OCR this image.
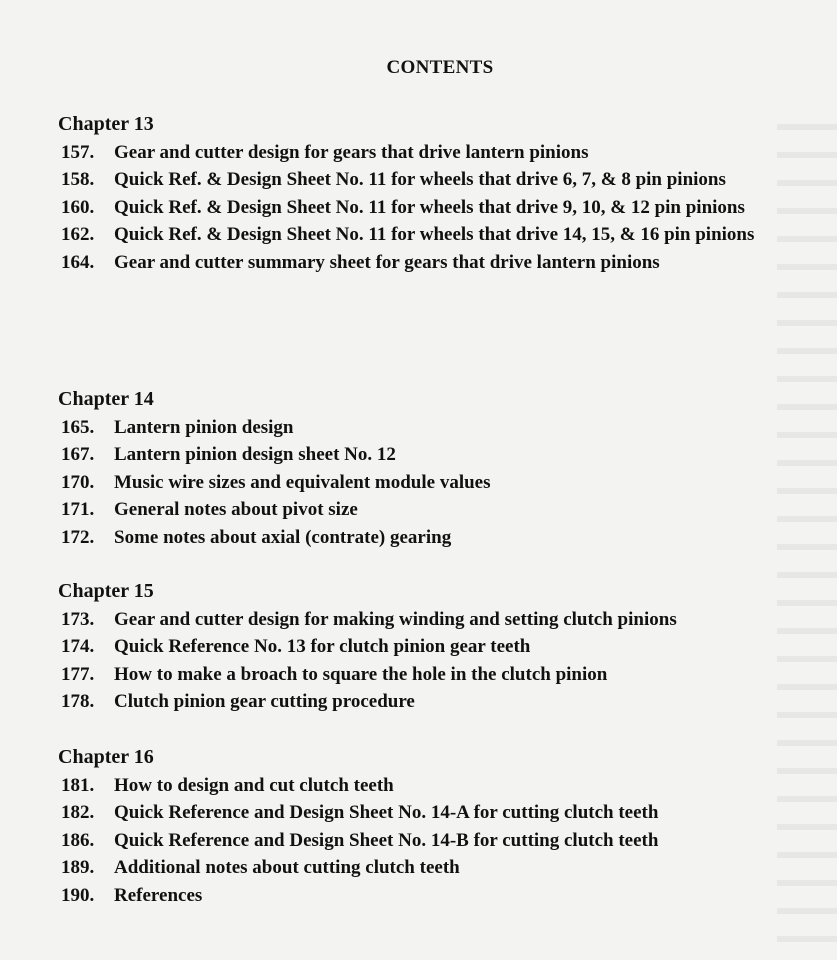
CONTENTS
Chapter 13
157.	Gear and cutter design for gears that drive lantern pinions
158.	Quick Ref. & Design Sheet No. 11 for wheels that drive 6, 7, & 8 pin pinions
160.	Quick Ref. & Design Sheet No. 11 for wheels that drive 9, 10, & 12 pin pinions
162.	Quick Ref. & Design Sheet No. 11 for wheels that drive 14, 15, & 16 pin pinions
164.	Gear and cutter summary sheet for gears that drive lantern pinions
Chapter 14
165.	Lantern pinion design
167.	Lantern pinion design sheet No. 12
170.	Music wire sizes and equivalent module values
171.	General notes about pivot size
172.	Some notes about axial (contrate) gearing
Chapter 15
173.	Gear and cutter design for making winding and setting clutch pinions
174.	Quick Reference No. 13 for clutch pinion gear teeth
177.	How to make a broach to square the hole in the clutch pinion
178.	Clutch pinion gear cutting procedure
Chapter 16
181.	How to design and cut clutch teeth
182.	Quick Reference and Design Sheet No. 14-A for cutting clutch teeth
186.	Quick Reference and Design Sheet No. 14-B for cutting clutch teeth
189.	Additional notes about cutting clutch teeth
190.	References
